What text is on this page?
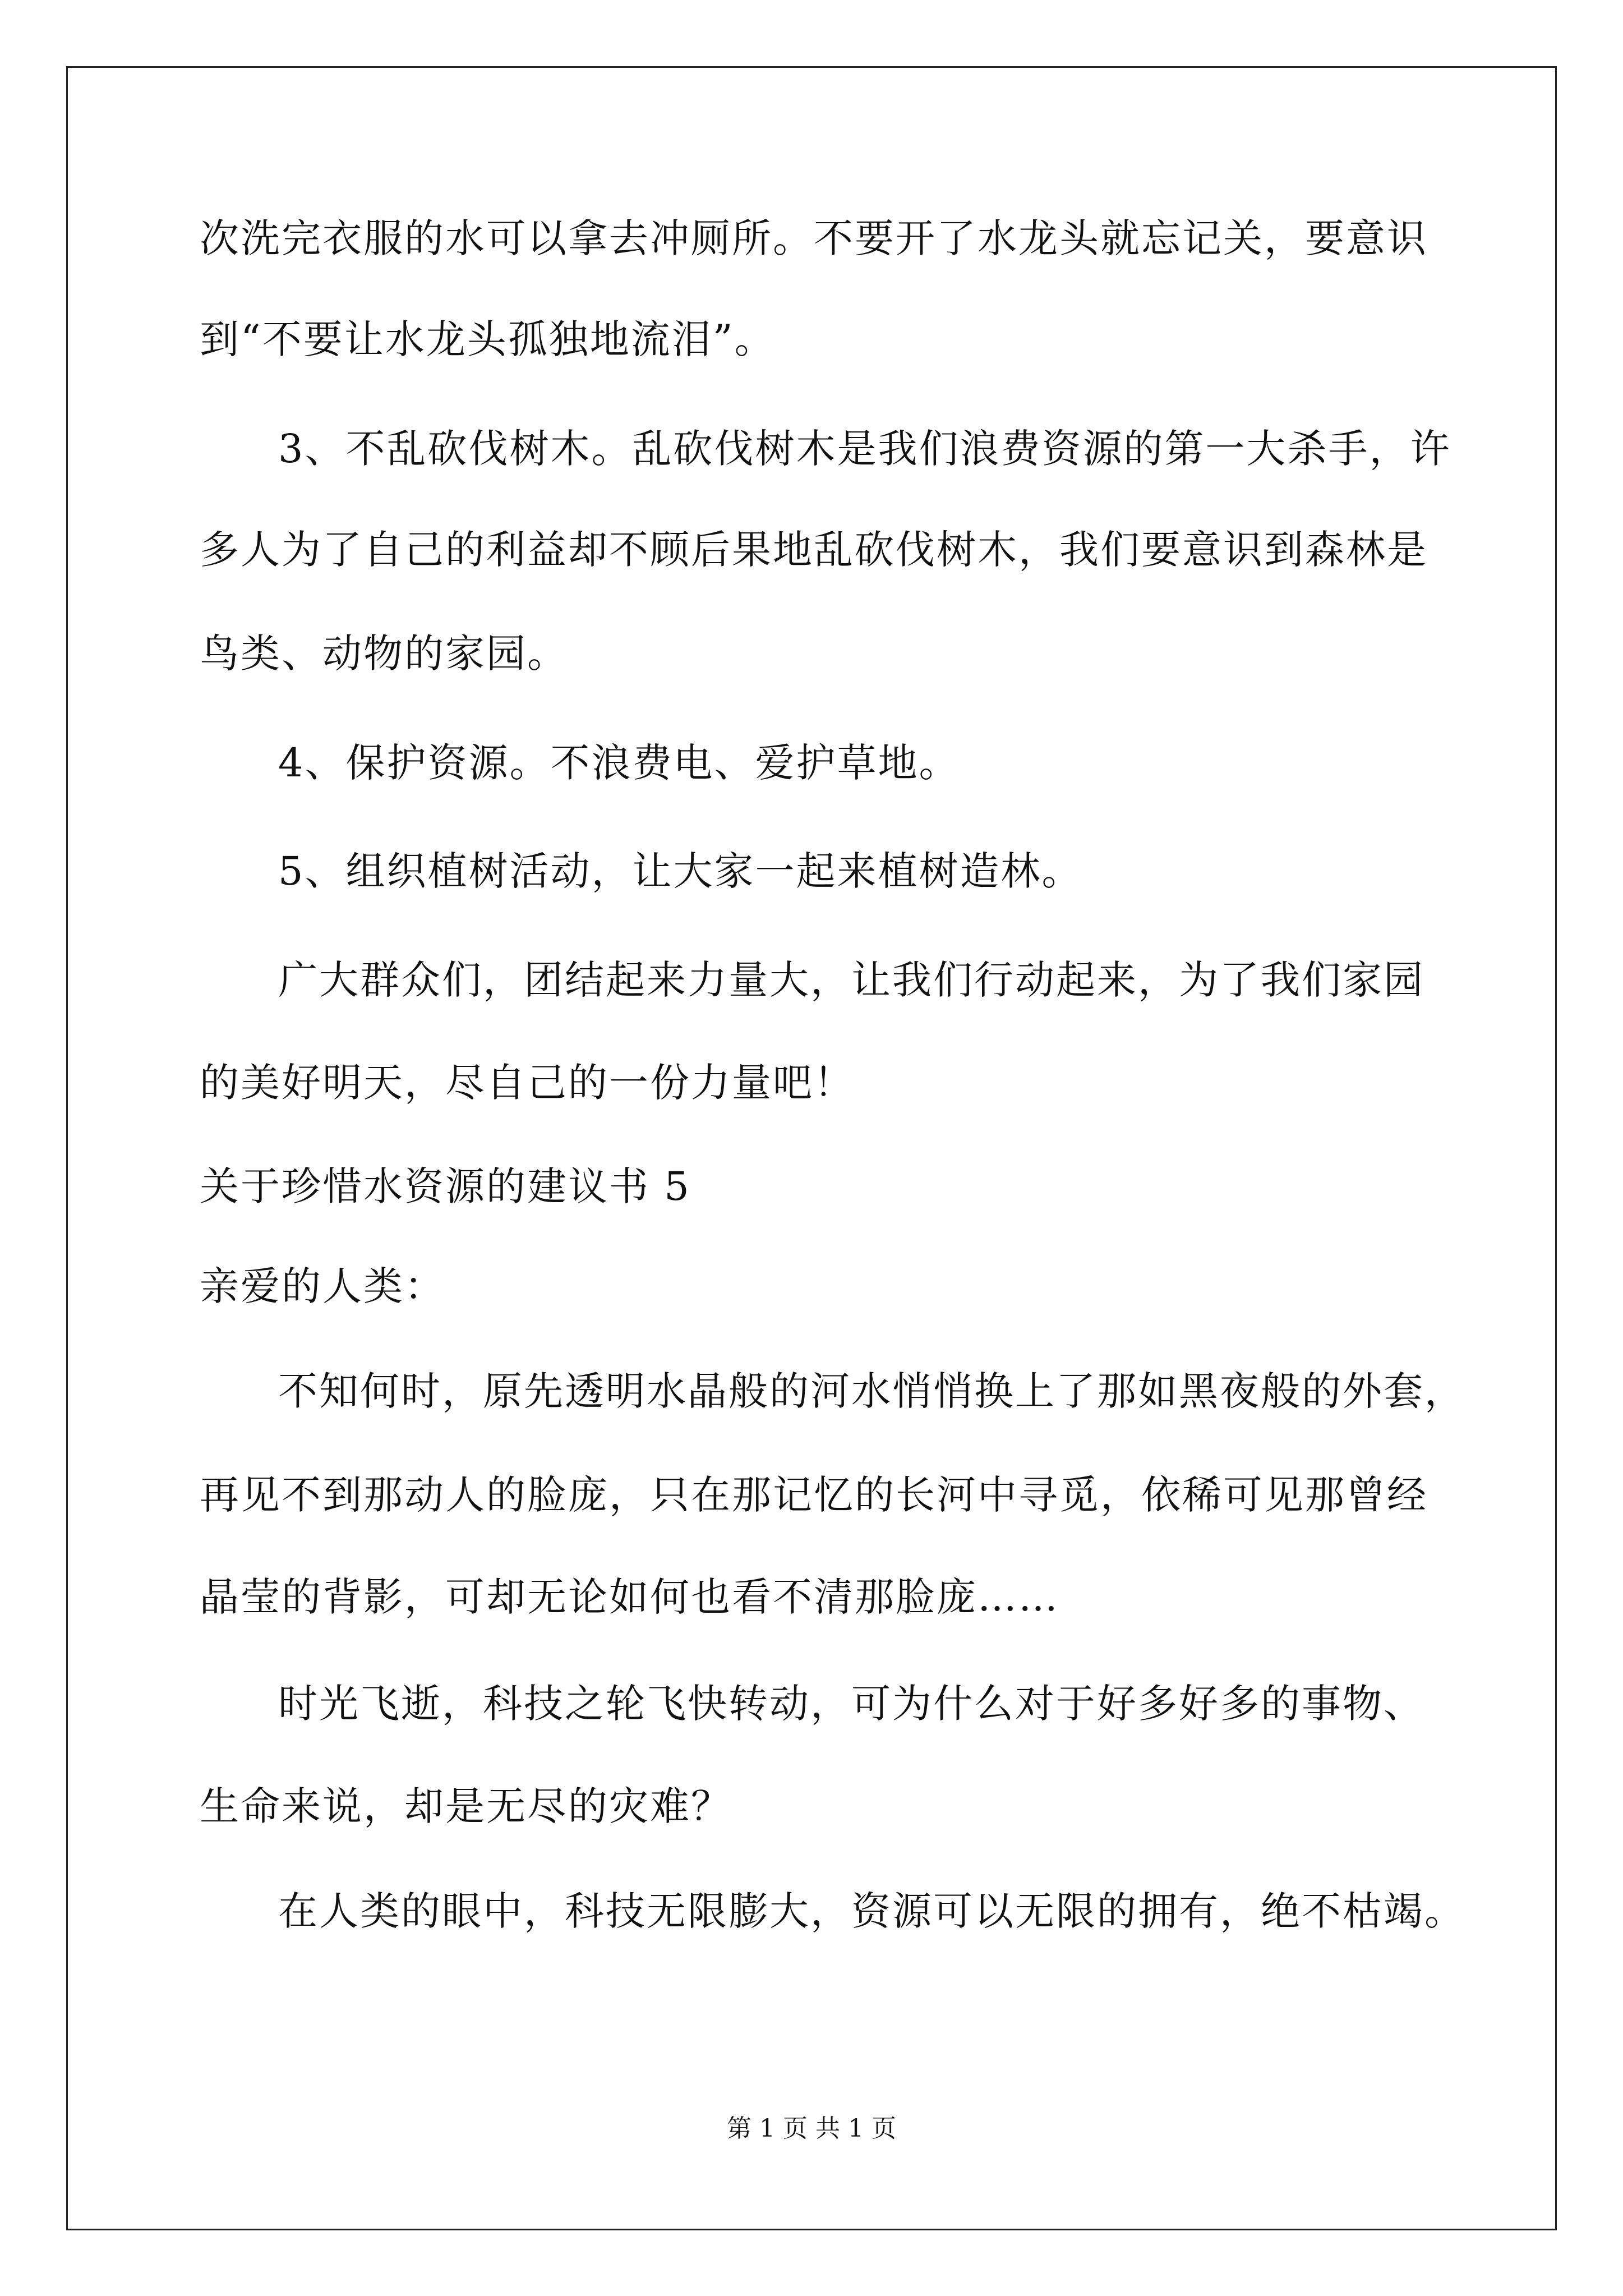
次洗完衣服的水可以拿去冲厕所。不要开了水龙头就忘记关，要意识
到“不要让水龙头孤独地流泪”。
3、不乱砍伐树木。乱砍伐树木是我们浪费资源的第一大杀手，许
多人为了自己的利益却不顾后果地乱砍伐树木，我们要意识到森林是
鸟类、动物的家园。
4、保护资源。不浪费电、爱护草地。
5、组织植树活动，让大家一起来植树造林。
广大群众们，团结起来力量大，让我们行动起来，为了我们家园
的美好明天，尽自己的一份力量吧！
关于珍惜水资源的建议书 5
亲爱的人类：
不知何时，原先透明水晶般的河水悄悄换上了那如黑夜般的外套，
再见不到那动人的脸庞，只在那记忆的长河中寻觅，依稀可见那曾经
晶莹的背影，可却无论如何也看不清那脸庞……
时光飞逝，科技之轮飞快转动，可为什么对于好多好多的事物、
生命来说，却是无尽的灾难？
在人类的眼中，科技无限膨大，资源可以无限的拥有，绝不枯竭。
第 1 页 共 1 页
